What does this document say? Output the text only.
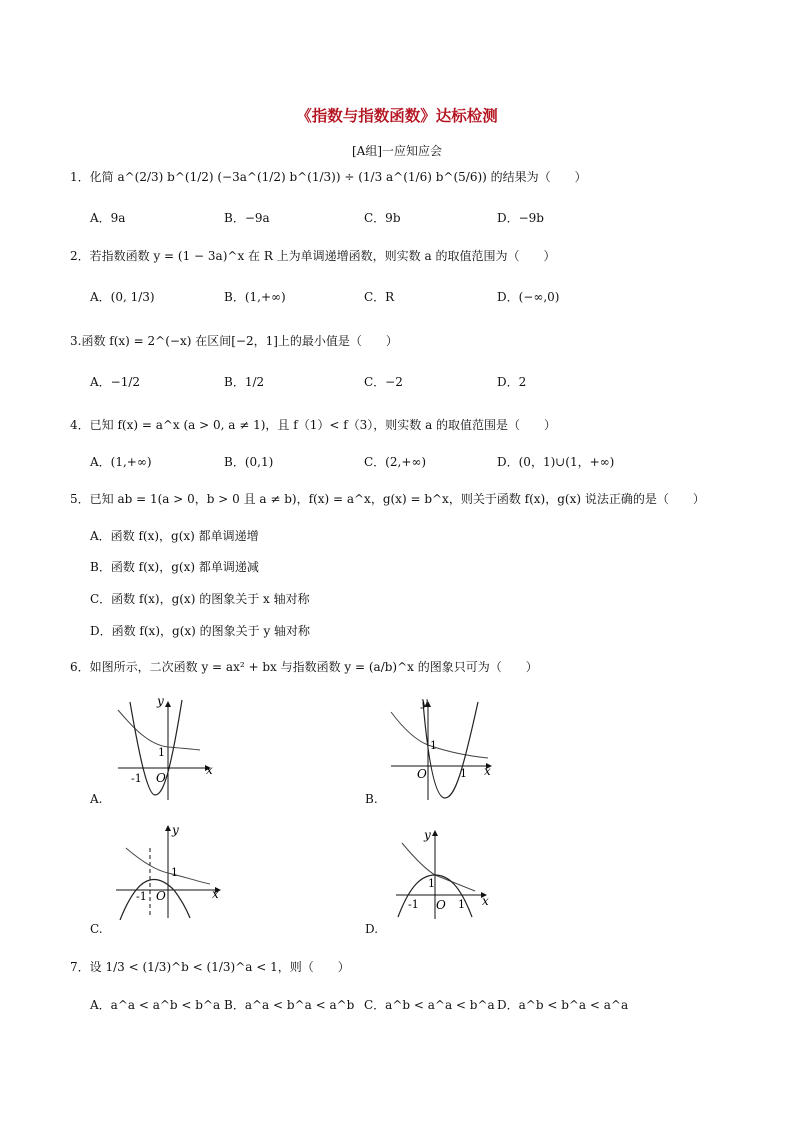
《指数与指数函数》达标检测
[A组]一应知应会
1．化简 a^(2/3) b^(1/2) (−3a^(1/2) b^(1/3)) ÷ (1/3 a^(1/6) b^(5/6)) 的结果为（　　）
A．9a	B．−9a	C．9b	D．−9b
2．若指数函数 y = (1 − 3a)^x 在 R 上为单调递增函数，则实数 a 的取值范围为（　　）
A．(0, 1/3)	B．(1,+∞)	C．R	D．(−∞,0)
3.函数 f(x) = 2^(−x) 在区间[−2，1]上的最小值是（　　）
A．−1/2	B．1/2	C．−2	D．2
4．已知 f(x) = a^x (a > 0, a ≠ 1)，且 f（1）< f（3），则实数 a 的取值范围是（　　）
A．(1,+∞)	B．(0,1)	C．(2,+∞)	D．(0，1)∪(1，+∞)
5．已知 ab = 1(a > 0，b > 0 且 a ≠ b)，f(x) = a^x，g(x) = b^x，则关于函数 f(x)，g(x) 说法正确的是（　　）
A．函数 f(x)，g(x) 都单调递增
B．函数 f(x)，g(x) 都单调递减
C．函数 f(x)，g(x) 的图象关于 x 轴对称
D．函数 f(x)，g(x) 的图象关于 y 轴对称
6．如图所示，二次函数 y = ax² + bx 与指数函数 y = (a/b)^x 的图象只可为（　　）
y
x
1
-1 O
A.
y
x
1
1
O
B.
y
x
1
-1 O
C.
y
x
1
1
-1 O
D.
7．设 1/3 < (1/3)^b < (1/3)^a < 1，则（　　）
A．a^a < a^b < b^a B．a^a < b^a < a^b C．a^b < a^a < b^a D．a^b < b^a < a^a
